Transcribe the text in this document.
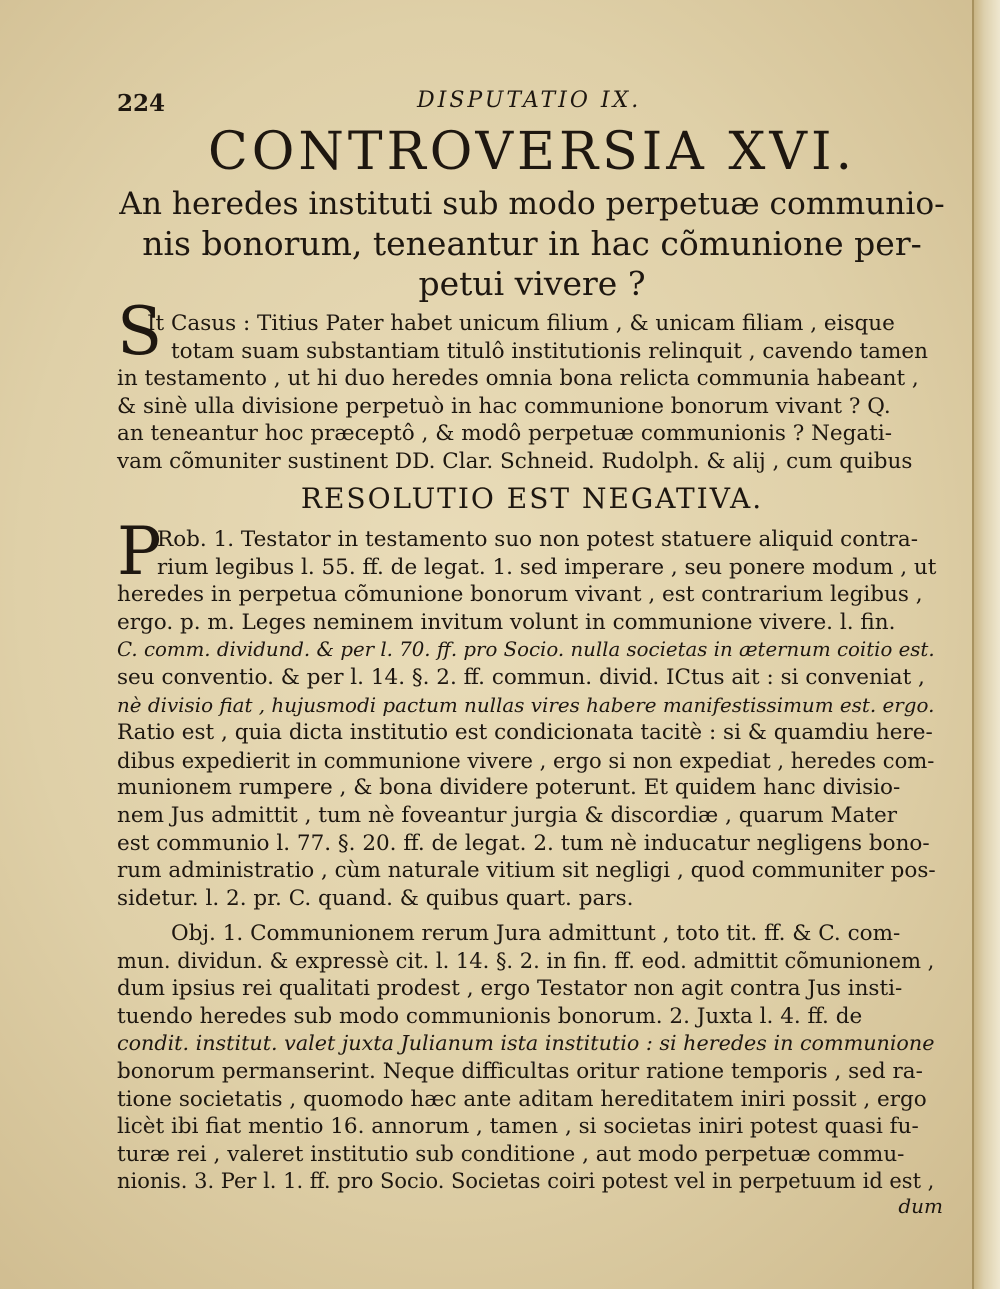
224	DISPUTATIO IX.
CONTROVERSIA XVI.
An heredes instituti sub modo perpetuæ communio-
nis bonorum, teneantur in hac cõmunione per-
petui vivere ?
S
It Casus : Titius Pater habet unicum filium , & unicam filiam , eisque
totam suam substantiam titulô institutionis relinquit , cavendo tamen
in testamento , ut hi duo heredes omnia bona relicta communia habeant ,
& sinè ulla divisione perpetuò in hac communione bonorum vivant ? Q.
an teneantur hoc præceptô , & modô perpetuæ communionis ? Negati-
vam cõmuniter sustinent DD. Clar. Schneid. Rudolph. & alij , cum quibus
RESOLUTIO EST NEGATIVA.
P
Rob. 1. Testator in testamento suo non potest statuere aliquid contra-
rium legibus l. 55. ff. de legat. 1. sed imperare , seu ponere modum , ut
heredes in perpetua cõmunione bonorum vivant , est contrarium legibus ,
ergo. p. m. Leges neminem invitum volunt in communione vivere. l. fin.
C. comm. dividund. & per l. 70. ff. pro Socio. nulla societas in æternum coitio est.
seu conventio. & per l. 14. §. 2. ff. commun. divid. ICtus ait : si conveniat ,
nè divisio fiat , hujusmodi pactum nullas vires habere manifestissimum est. ergo.
Ratio est , quia dicta institutio est condicionata tacitè : si & quamdiu here-
dibus expedierit in communione vivere , ergo si non expediat , heredes com-
munionem rumpere , & bona dividere poterunt. Et quidem hanc divisio-
nem Jus admittit , tum nè foveantur jurgia & discordiæ , quarum Mater
est communio l. 77. §. 20. ff. de legat. 2. tum nè inducatur negligens bono-
rum administratio , cùm naturale vitium sit negligi , quod communiter pos-
sidetur. l. 2. pr. C. quand. & quibus quart. pars.
Obj. 1. Communionem rerum Jura admittunt , toto tit. ff. & C. com-
mun. dividun. & expressè cit. l. 14. §. 2. in fin. ff. eod. admittit cõmunionem ,
dum ipsius rei qualitati prodest , ergo Testator non agit contra Jus insti-
tuendo heredes sub modo communionis bonorum. 2. Juxta l. 4. ff. de
condit. institut. valet juxta Julianum ista institutio : si heredes in communione
bonorum permanserint. Neque difficultas oritur ratione temporis , sed ra-
tione societatis , quomodo hæc ante aditam hereditatem iniri possit , ergo
licèt ibi fiat mentio 16. annorum , tamen , si societas iniri potest quasi fu-
turæ rei , valeret institutio sub conditione , aut modo perpetuæ commu-
nionis. 3. Per l. 1. ff. pro Socio. Societas coiri potest vel in perpetuum id est ,
dum
